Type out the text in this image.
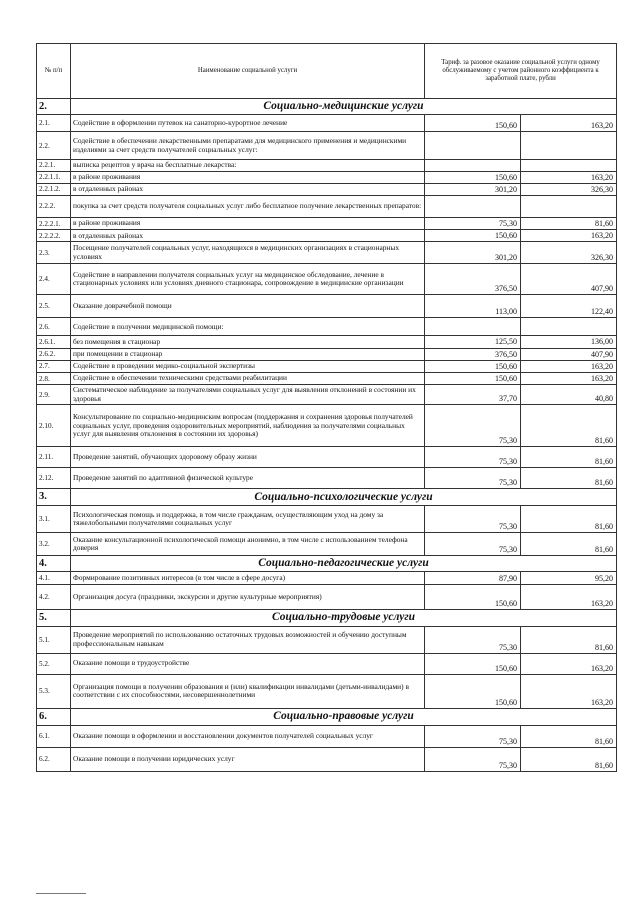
№ п/п	Наименование социальной услуги	Тариф. за разовое оказание социальной услуги одному обслуживаемому с учетом районного коэффициента к заработной плате, рубли	
2.	Социально-медицинские услуги		
2.1.	Содействие в оформлении путевок на санаторно-курортное лечение	150,60	163,20
2.2.	Содействие в обеспечении лекарственными препаратами для медицинского применения и медицинскими изделиями за счет средств получателей социальных услуг:		
2.2.1.	выписка рецептов у врача на бесплатные лекарства:		
2.2.1.1.	в районе проживания	150,60	163,20
2.2.1.2.	в отдаленных районах	301,20	326,30
2.2.2.	покупка за счет средств получателя социальных услуг либо бесплатное получение лекарственных препаратов:		
2.2.2.1.	в районе проживания	75,30	81,60
2.2.2.2.	в отдаленных районах	150,60	163,20
2.3.	Посещение получателей социальных услуг, находящихся в медицинских организациях в стационарных условиях	301,20	326,30
2.4.	Содействие в направлении получателя социальных услуг на медицинское обследование, лечение в стационарных условиях или условиях дневного стационара, сопровождение в медицинские организации	376,50	407,90
2.5.	Оказание доврачебной помощи	113,00	122,40
2.6.	Содействие в получении медицинской помощи:		
2.6.1.	без помещения в стационар	125,50	136,00
2.6.2.	при помещении в стационар	376,50	407,90
2.7.	Содействие в проведении медико-социальной экспертизы	150,60	163,20
2.8.	Содействие в обеспечении техническими средствами реабилитации	150,60	163,20
2.9.	Систематическое наблюдение за получателями социальных услуг для выявления отклонений в состоянии их здоровья	37,70	40,80
2.10.	Консультирование по социально-медицинским вопросам (поддержания и сохранения здоровья получателей социальных услуг, проведения оздоровительных мероприятий, наблюдения за получателями социальных услуг для выявления отклонения в состоянии их здоровья)	75,30	81,60
2.11.	Проведение занятий, обучающих здоровому образу жизни	75,30	81,60
2.12.	Проведение занятий по адаптивной физической культуре	75,30	81,60
3.	Социально-психологические услуги		
3.1.	Психологическая помощь и поддержка, в том числе гражданам, осуществляющим уход на дому за тяжелобольными получателями социальных услуг	75,30	81,60
3.2.	Оказание консультационной психологической помощи анонимно, в том числе с использованием телефона доверия	75,30	81,60
4.	Социально-педагогические услуги		
4.1.	Формирование позитивных интересов (в том числе в сфере досуга)	87,90	95,20
4.2.	Организация досуга (праздники, экскурсии и другие культурные мероприятия)	150,60	163,20
5.	Социально-трудовые услуги		
5.1.	Проведение мероприятий по использованию остаточных трудовых возможностей и обучению доступным профессиональным навыкам	75,30	81,60
5.2.	Оказание помощи в трудоустройстве	150,60	163,20
5.3.	Организация помощи в получении образования и (или) квалификации инвалидами (детьми-инвалидами) в соответствии с их способностями, несовершеннолетними	150,60	163,20
6.	Социально-правовые услуги		
6.1.	Оказание помощи в оформлении и восстановлении документов получателей социальных услуг	75,30	81,60
6.2.	Оказание помощи в получении юридических услуг	75,30	81,60
